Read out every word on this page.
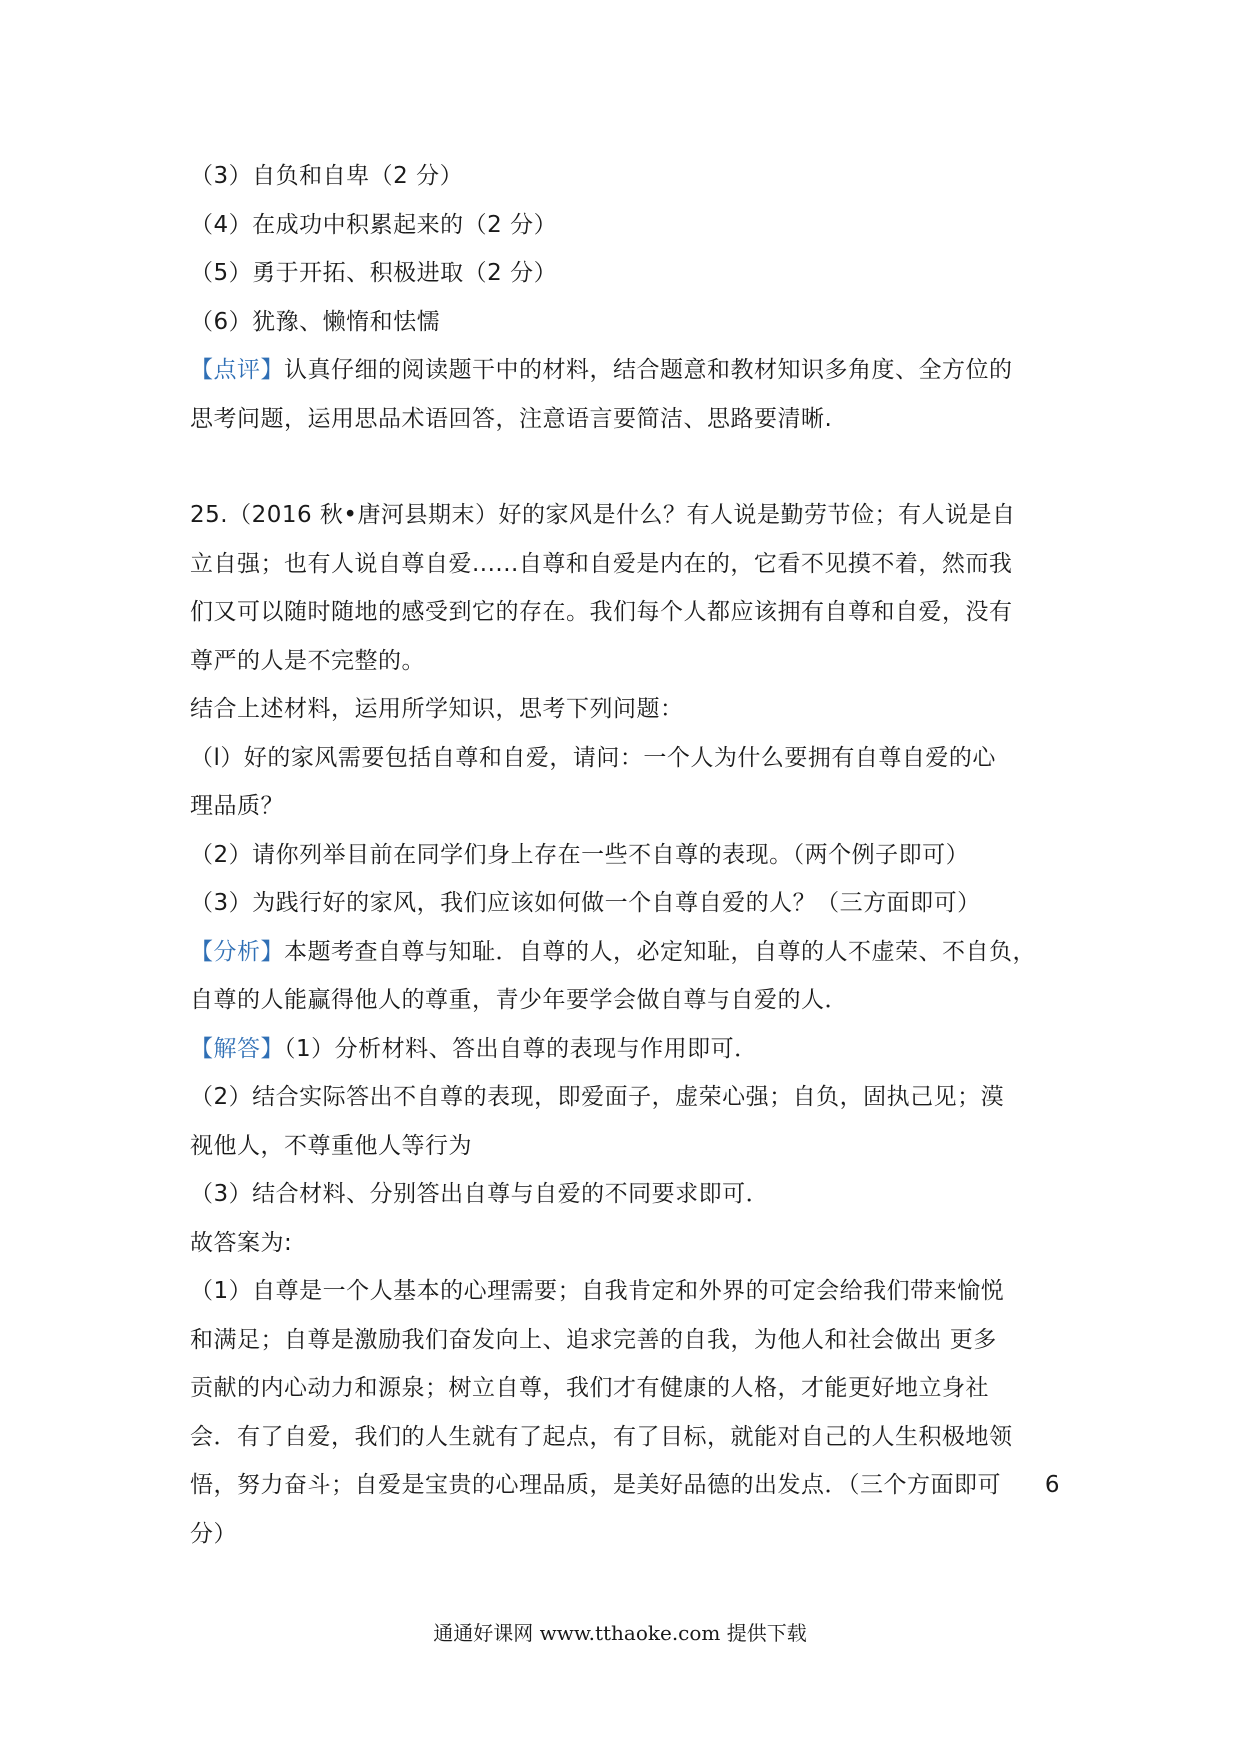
（3）自负和自卑（2 分）
（4）在成功中积累起来的（2 分）
（5）勇于开拓、积极进取（2 分）
（6）犹豫、懒惰和怯懦
【点评】认真仔细的阅读题干中的材料，结合题意和教材知识多角度、全方位的
思考问题，运用思品术语回答，注意语言要简洁、思路要清晰.
25.（2016 秋•唐河县期末）好的家风是什么？有人说是勤劳节俭；有人说是自
立自强；也有人说自尊自爱......自尊和自爱是内在的，它看不见摸不着，然而我
们又可以随时随地的感受到它的存在。我们每个人都应该拥有自尊和自爱，没有
尊严的人是不完整的。
结合上述材料，运用所学知识，思考下列问题：
（l）好的家风需要包括自尊和自爱，请问：一个人为什么要拥有自尊自爱的心
理品质？
（2）请你列举目前在同学们身上存在一些不自尊的表现。（两个例子即可）
（3）为践行好的家风，我们应该如何做一个自尊自爱的人？（三方面即可）
【分析】本题考查自尊与知耻．自尊的人，必定知耻，自尊的人不虚荣、不自负，
自尊的人能赢得他人的尊重，青少年要学会做自尊与自爱的人．
【解答】（1）分析材料、答出自尊的表现与作用即可．
（2）结合实际答出不自尊的表现，即爱面子，虚荣心强；自负，固执己见；漠
视他人，不尊重他人等行为
（3）结合材料、分别答出自尊与自爱的不同要求即可．
故答案为:
（1）自尊是一个人基本的心理需要；自我肯定和外界的可定会给我们带来愉悦
和满足；自尊是激励我们奋发向上、追求完善的自我，为他人和社会做出 更多
贡献的内心动力和源泉；树立自尊，我们才有健康的人格，才能更好地立身社
会．有了自爱，我们的人生就有了起点，有了目标，就能对自己的人生积极地领
悟，努力奋斗；自爱是宝贵的心理品质，是美好品德的出发点．（三个方面即可 6
分）
通通好课网 www.tthaoke.com 提供下载
